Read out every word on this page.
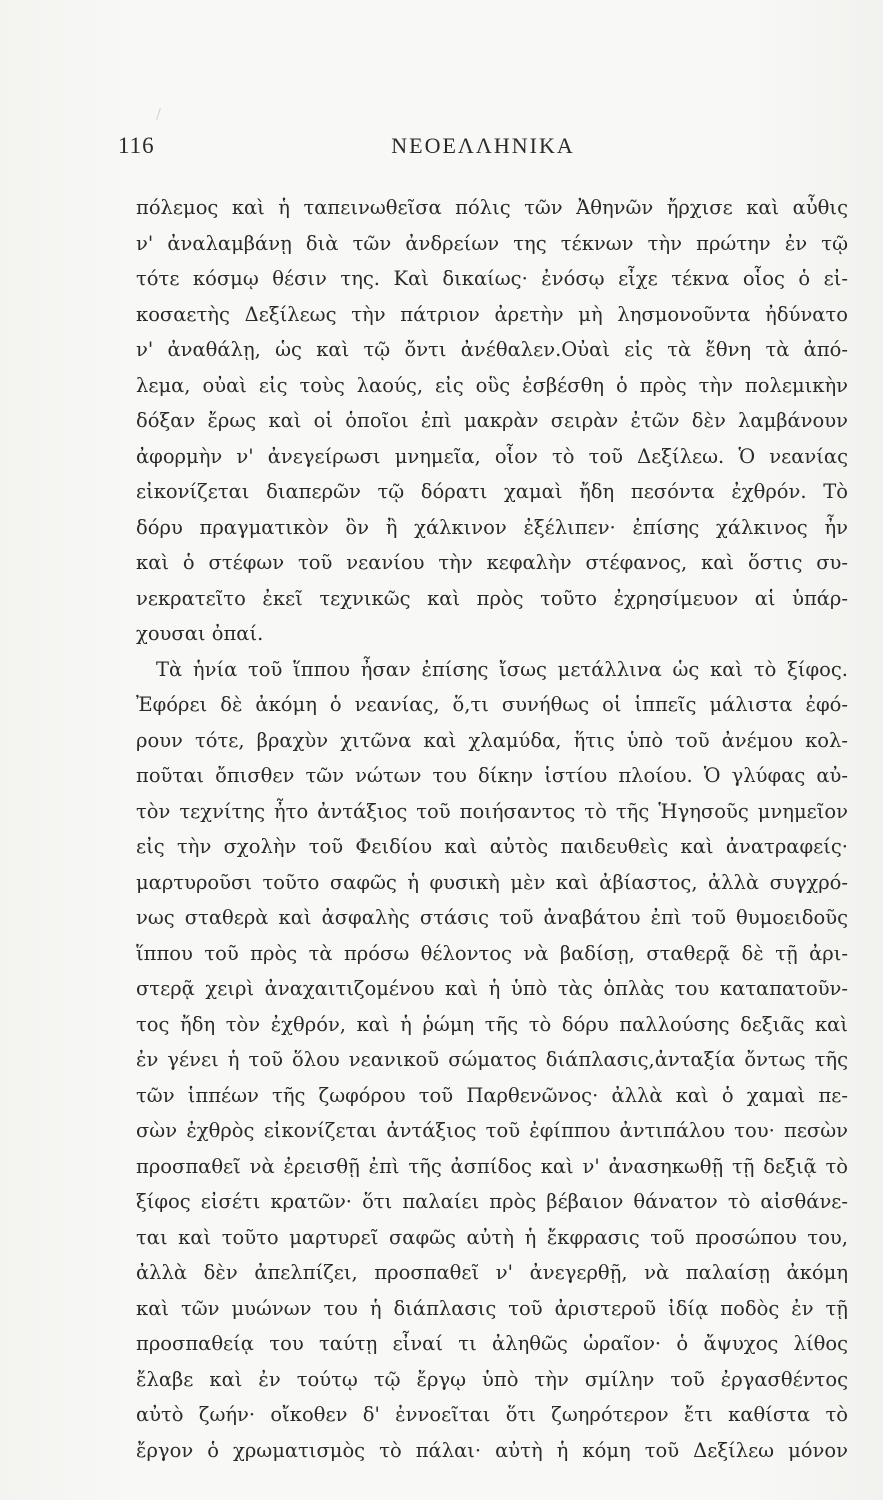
116	ΝΕΟΕΛΛΗΝΙΚΑ
πόλεμος καὶ ἡ ταπεινωθεῖσα πόλις τῶν Ἀθηνῶν ἤρχισε καὶ αὖθις
ν' ἀναλαμβάνῃ διὰ τῶν ἀνδρείων της τέκνων τὴν πρώτην ἐν τῷ
τότε κόσμῳ θέσιν της. Καὶ δικαίως· ἐνόσῳ εἶχε τέκνα οἷος ὁ εἰ-
κοσαετὴς Δεξίλεως τὴν πάτριον ἀρετὴν μὴ λησμονοῦντα ἠδύνατο
ν' ἀναθάλῃ, ὡς καὶ τῷ ὄντι ἀνέθαλεν.Οὐαὶ εἰς τὰ ἔθνη τὰ ἀπό-
λεμα, οὐαὶ εἰς τοὺς λαούς, εἰς οὓς ἐσβέσθη ὁ πρὸς τὴν πολεμικὴν
δόξαν ἔρως καὶ οἱ ὁποῖοι ἐπὶ μακρὰν σειρὰν ἐτῶν δὲν λαμβάνουν
ἀφορμὴν ν' ἀνεγείρωσι μνημεῖα, οἷον τὸ τοῦ Δεξίλεω. Ὁ νεανίας
εἰκονίζεται διαπερῶν τῷ δόρατι χαμαὶ ἤδη πεσόντα ἐχθρόν. Τὸ
δόρυ πραγματικὸν ὂν ἢ χάλκινον ἐξέλιπεν· ἐπίσης χάλκινος ἦν
καὶ ὁ στέφων τοῦ νεανίου τὴν κεφαλὴν στέφανος, καὶ ὅστις συ-
νεκρατεῖτο ἐκεῖ τεχνικῶς καὶ πρὸς τοῦτο ἐχρησίμευον αἱ ὑπάρ-
χουσαι ὀπαί.
Τὰ ἡνία τοῦ ἵππου ἦσαν ἐπίσης ἴσως μετάλλινα ὡς καὶ τὸ ξίφος.
Ἐφόρει δὲ ἀκόμη ὁ νεανίας, ὅ,τι συνήθως οἱ ἱππεῖς μάλιστα ἐφό-
ρουν τότε, βραχὺν χιτῶνα καὶ χλαμύδα, ἥτις ὑπὸ τοῦ ἀνέμου κολ-
ποῦται ὄπισθεν τῶν νώτων του δίκην ἱστίου πλοίου. Ὁ γλύφας αὐ-
τὸν τεχνίτης ἦτο ἀντάξιος τοῦ ποιήσαντος τὸ τῆς Ἡγησοῦς μνημεῖον
εἰς τὴν σχολὴν τοῦ Φειδίου καὶ αὐτὸς παιδευθεὶς καὶ ἀνατραφείς·
μαρτυροῦσι τοῦτο σαφῶς ἡ φυσικὴ μὲν καὶ ἀβίαστος, ἀλλὰ συγχρό-
νως σταθερὰ καὶ ἀσφαλὴς στάσις τοῦ ἀναβάτου ἐπὶ τοῦ θυμοειδοῦς
ἵππου τοῦ πρὸς τὰ πρόσω θέλοντος νὰ βαδίσῃ, σταθερᾷ δὲ τῇ ἀρι-
στερᾷ χειρὶ ἀναχαιτιζομένου καὶ ἡ ὑπὸ τὰς ὁπλὰς του καταπατοῦν-
τος ἤδη τὸν ἐχθρόν, καὶ ἡ ῥώμη τῆς τὸ δόρυ παλλούσης δεξιᾶς καὶ
ἐν γένει ἡ τοῦ ὅλου νεανικοῦ σώματος διάπλασις,ἀνταξία ὄντως τῆς
τῶν ἱππέων τῆς ζωφόρου τοῦ Παρθενῶνος· ἀλλὰ καὶ ὁ χαμαὶ πε-
σὼν ἐχθρὸς εἰκονίζεται ἀντάξιος τοῦ ἐφίππου ἀντιπάλου του· πεσὼν
προσπαθεῖ νὰ ἐρεισθῇ ἐπὶ τῆς ἀσπίδος καὶ ν' ἀνασηκωθῇ τῇ δεξιᾷ τὸ
ξίφος εἰσέτι κρατῶν· ὅτι παλαίει πρὸς βέβαιον θάνατον τὸ αἰσθάνε-
ται καὶ τοῦτο μαρτυρεῖ σαφῶς αὐτὴ ἡ ἔκφρασις τοῦ προσώπου του,
ἀλλὰ δὲν ἀπελπίζει, προσπαθεῖ ν' ἀνεγερθῇ, νὰ παλαίσῃ ἀκόμη
καὶ τῶν μυώνων του ἡ διάπλασις τοῦ ἀριστεροῦ ἰδίᾳ ποδὸς ἐν τῇ
προσπαθείᾳ του ταύτῃ εἶναί τι ἀληθῶς ὡραῖον· ὁ ἄψυχος λίθος
ἔλαβε καὶ ἐν τούτῳ τῷ ἔργῳ ὑπὸ τὴν σμίλην τοῦ ἐργασθέντος
αὐτὸ ζωήν· οἴκοθεν δ' ἐννοεῖται ὅτι ζωηρότερον ἔτι καθίστα τὸ
ἔργον ὁ χρωματισμὸς τὸ πάλαι· αὐτὴ ἡ κόμη τοῦ Δεξίλεω μόνον
